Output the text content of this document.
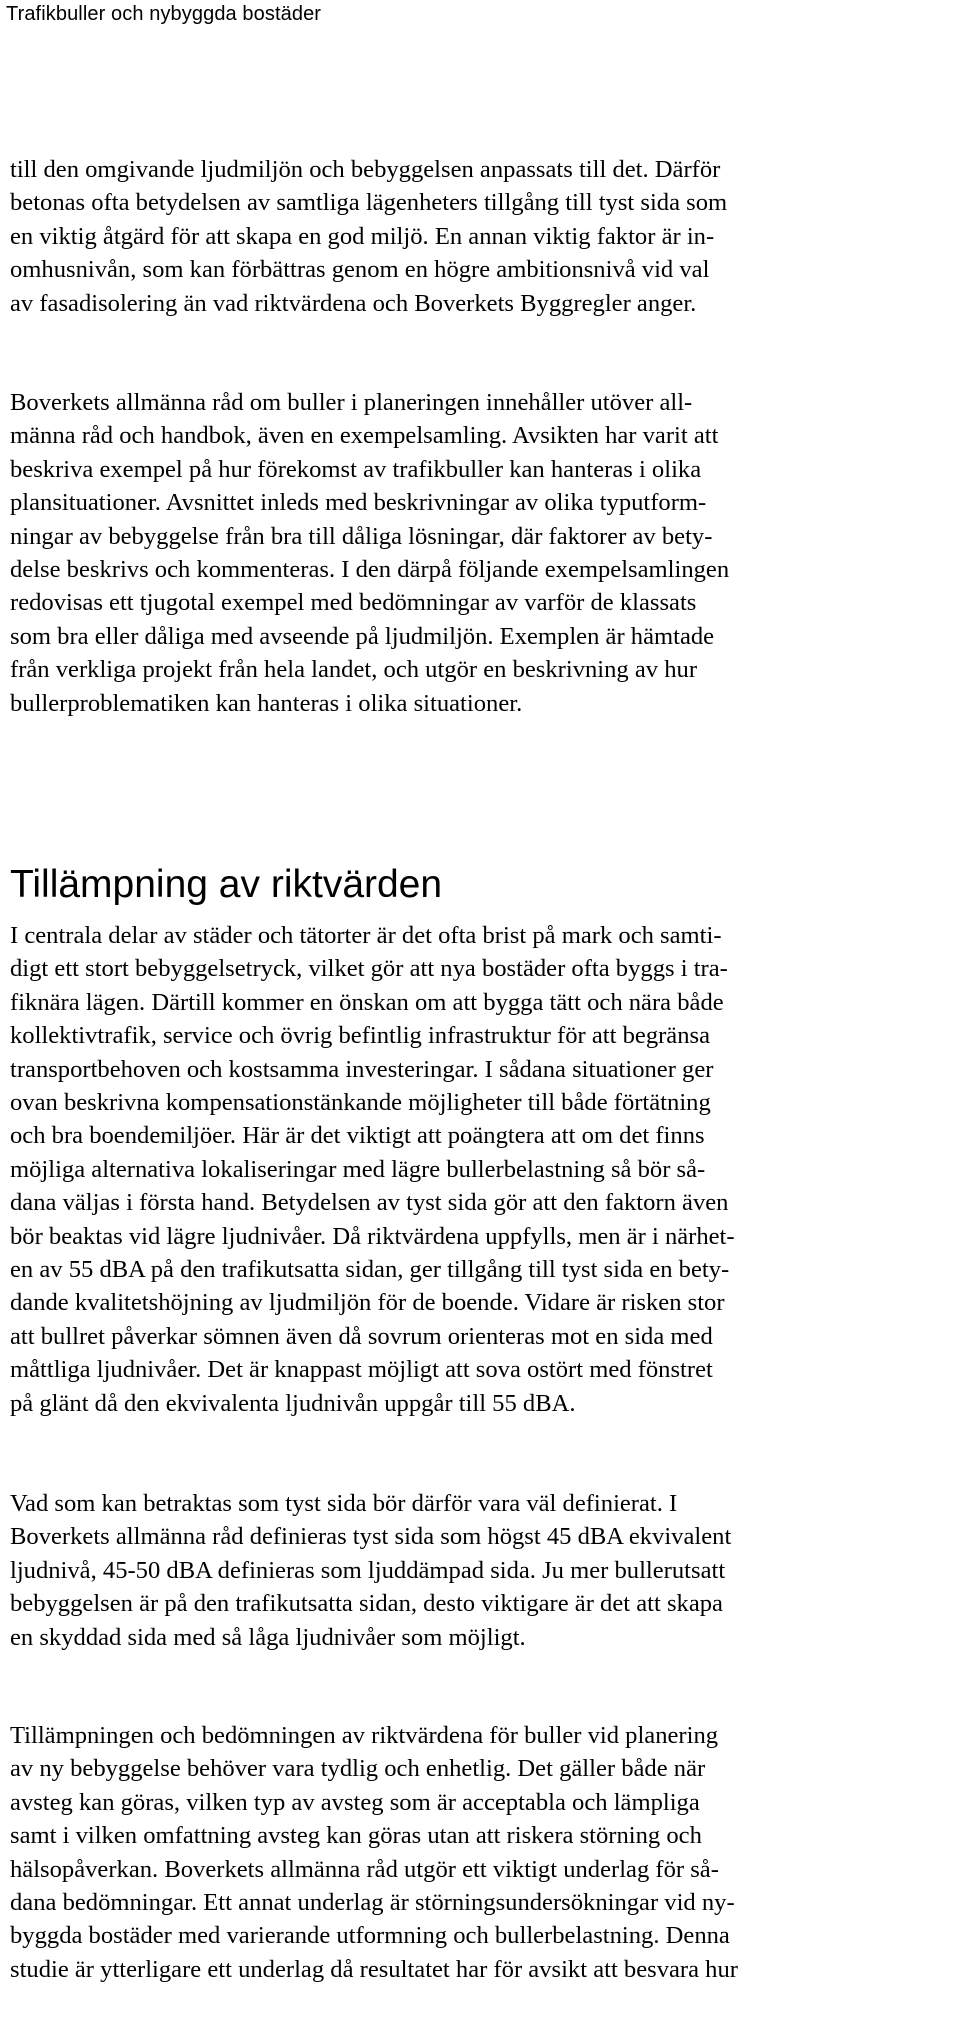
Trafikbuller och nybyggda bostäder

till den omgivande ljudmiljön och bebyggelsen anpassats till det. Därför
betonas ofta betydelsen av samtliga lägenheters tillgång till tyst sida som
en viktig åtgärd för att skapa en god miljö. En annan viktig faktor är in-
omhusnivån, som kan förbättras genom en högre ambitionsnivå vid val
av fasadisolering än vad riktvärdena och Boverkets Byggregler anger.

Boverkets allmänna råd om buller i planeringen innehåller utöver all-
männa råd och handbok, även en exempelsamling. Avsikten har varit att
beskriva exempel på hur förekomst av trafikbuller kan hanteras i olika
plansituationer. Avsnittet inleds med beskrivningar av olika typutform-
ningar av bebyggelse från bra till dåliga lösningar, där faktorer av bety-
delse beskrivs och kommenteras. I den därpå följande exempelsamlingen
redovisas ett tjugotal exempel med bedömningar av varför de klassats
som bra eller dåliga med avseende på ljudmiljön. Exemplen är hämtade
från verkliga projekt från hela landet, och utgör en beskrivning av hur
bullerproblematiken kan hanteras i olika situationer.

Tillämpning av riktvärden

I centrala delar av städer och tätorter är det ofta brist på mark och samti-
digt ett stort bebyggelsetryck, vilket gör att nya bostäder ofta byggs i tra-
fiknära lägen. Därtill kommer en önskan om att bygga tätt och nära både
kollektivtrafik, service och övrig befintlig infrastruktur för att begränsa
transportbehoven och kostsamma investeringar. I sådana situationer ger
ovan beskrivna kompensationstänkande möjligheter till både förtätning
och bra boendemiljöer. Här är det viktigt att poängtera att om det finns
möjliga alternativa lokaliseringar med lägre bullerbelastning så bör så-
dana väljas i första hand. Betydelsen av tyst sida gör att den faktorn även
bör beaktas vid lägre ljudnivåer. Då riktvärdena uppfylls, men är i närhet-
en av 55 dBA på den trafikutsatta sidan, ger tillgång till tyst sida en bety-
dande kvalitetshöjning av ljudmiljön för de boende. Vidare är risken stor
att bullret påverkar sömnen även då sovrum orienteras mot en sida med
måttliga ljudnivåer. Det är knappast möjligt att sova ostört med fönstret
på glänt då den ekvivalenta ljudnivån uppgår till 55 dBA.

Vad som kan betraktas som tyst sida bör därför vara väl definierat. I
Boverkets allmänna råd definieras tyst sida som högst 45 dBA ekvivalent
ljudnivå, 45-50 dBA definieras som ljuddämpad sida. Ju mer bullerutsatt
bebyggelsen är på den trafikutsatta sidan, desto viktigare är det att skapa
en skyddad sida med så låga ljudnivåer som möjligt.

Tillämpningen och bedömningen av riktvärdena för buller vid planering
av ny bebyggelse behöver vara tydlig och enhetlig. Det gäller både när
avsteg kan göras, vilken typ av avsteg som är acceptabla och lämpliga
samt i vilken omfattning avsteg kan göras utan att riskera störning och
hälsopåverkan. Boverkets allmänna råd utgör ett viktigt underlag för så-
dana bedömningar. Ett annat underlag är störningsundersökningar vid ny-
byggda bostäder med varierande utformning och bullerbelastning. Denna
studie är ytterligare ett underlag då resultatet har för avsikt att besvara hur
